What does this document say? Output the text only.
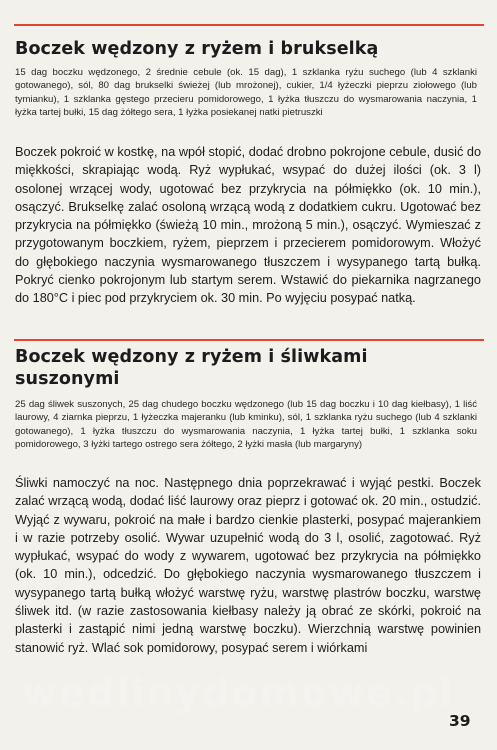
Boczek wędzony z ryżem i brukselką

15 dag boczku wędzonego, 2 średnie cebule (ok. 15 dag), 1 szklanka ryżu suchego (lub 4 szklanki gotowanego), sól, 80 dag brukselki świeżej (lub mrożonej), cukier, 1/4 łyżeczki pieprzu ziołowego (lub tymianku), 1 szklanka gęstego przecieru pomidorowego, 1 łyżka tłuszczu do wysmarowania naczynia, 1 łyżka tartej bułki, 15 dag żółtego sera, 1 łyżka posiekanej natki pietruszki

Boczek pokroić w kostkę, na wpół stopić, dodać drobno pokrojone cebule, dusić do miękkości, skrapiając wodą. Ryż wypłukać, wsypać do dużej ilości (ok. 3 l) osolonej wrzącej wody, ugotować bez przykrycia na półmiękko (ok. 10 min.), osączyć. Brukselkę zalać osoloną wrzącą wodą z dodatkiem cukru. Ugotować bez przykrycia na półmiękko (świeżą 10 min., mrożoną 5 min.), osączyć. Wymieszać z przygotowanym boczkiem, ryżem, pieprzem i przecierem pomidorowym. Włożyć do głębokiego naczynia wysmarowanego tłuszczem i wysypanego tartą bułką. Pokryć cienko pokrojonym lub startym serem. Wstawić do piekarnika nagrzanego do 180°C i piec pod przykryciem ok. 30 min. Po wyjęciu posypać natką.

Boczek wędzony z ryżem i śliwkami
suszonymi

25 dag śliwek suszonych, 25 dag chudego boczku wędzonego (lub 15 dag boczku i 10 dag kiełbasy), 1 liść laurowy, 4 ziarnka pieprzu, 1 łyżeczka majeranku (lub kminku), sól, 1 szklanka ryżu suchego (lub 4 szklanki gotowanego), 1 łyżka tłuszczu do wysmarowania naczynia, 1 łyżka tartej bułki, 1 szklanka soku pomidorowego, 3 łyżki tartego ostrego sera żółtego, 2 łyżki masła (lub margaryny)

Śliwki namoczyć na noc. Następnego dnia poprzekrawać i wyjąć pestki. Boczek zalać wrzącą wodą, dodać liść laurowy oraz pieprz i gotować ok. 20 min., ostudzić. Wyjąć z wywaru, pokroić na małe i bardzo cienkie plasterki, posypać majerankiem i w razie potrzeby osolić. Wywar uzupełnić wodą do 3 l, osolić, zagotować. Ryż wypłukać, wsypać do wody z wywarem, ugotować bez przykrycia na półmiękko (ok. 10 min.), odcedzić. Do głębokiego naczynia wysmarowanego tłuszczem i wysypanego tartą bułką włożyć warstwę ryżu, warstwę plastrów boczku, warstwę śliwek itd. (w razie zastosowania kiełbasy należy ją obrać ze skórki, pokroić na plasterki i zastąpić nimi jedną warstwę boczku). Wierzchnią warstwę powinien stanowić ryż. Wlać sok pomidorowy, posypać serem i wiórkami

wedlinydomowe.pl
39
